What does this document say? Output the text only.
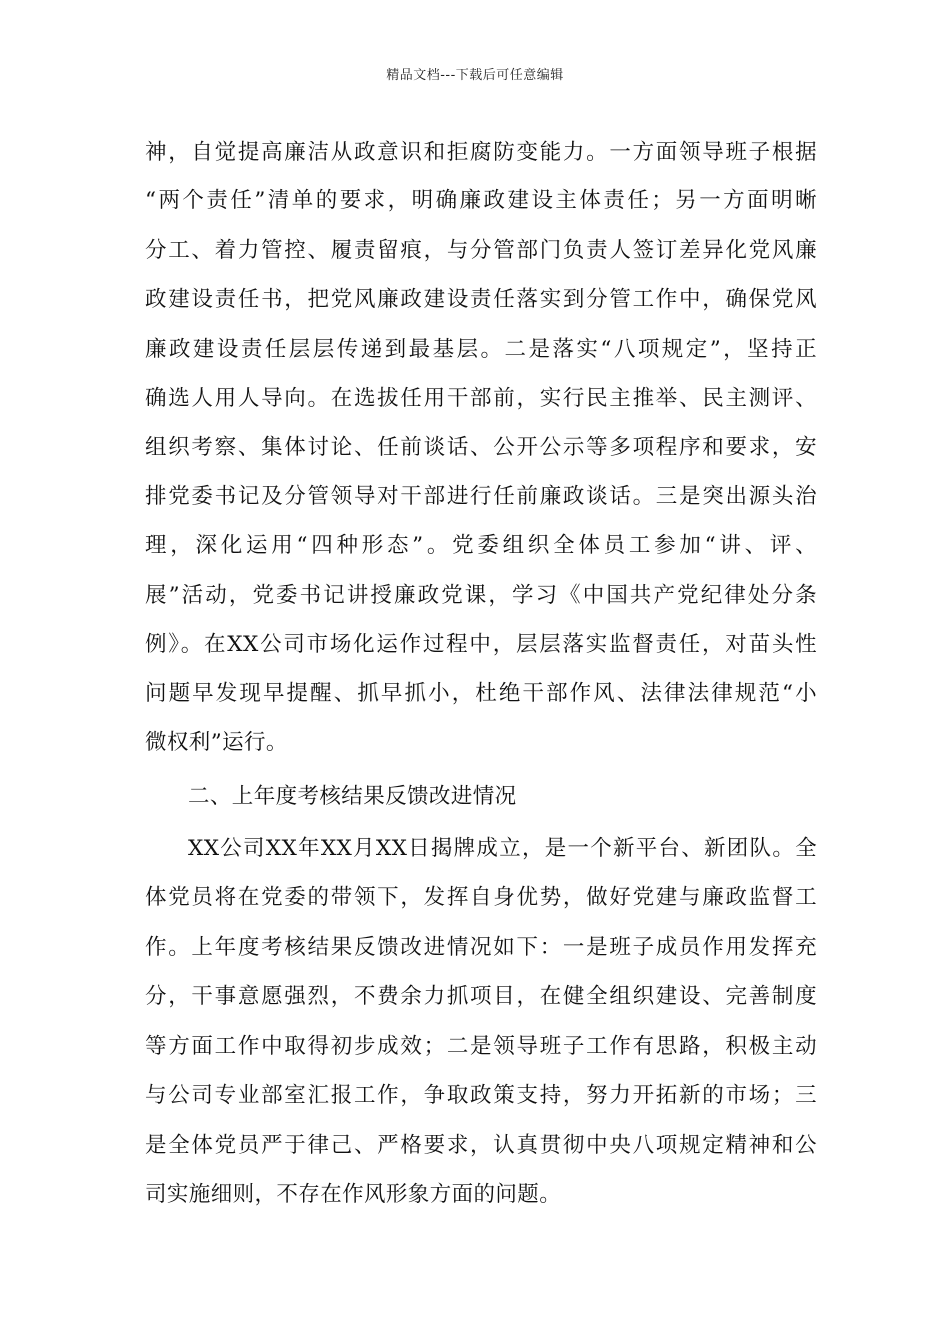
精品文档---下载后可任意编辑
神，自觉提高廉洁从政意识和拒腐防变能力。一方面领导班子根据
“两个责任”清单的要求，明确廉政建设主体责任；另一方面明晰
分工、着力管控、履责留痕，与分管部门负责人签订差异化党风廉
政建设责任书，把党风廉政建设责任落实到分管工作中，确保党风
廉政建设责任层层传递到最基层。二是落实“八项规定”，坚持正
确选人用人导向。在选拔任用干部前，实行民主推举、民主测评、
组织考察、集体讨论、任前谈话、公开公示等多项程序和要求，安
排党委书记及分管领导对干部进行任前廉政谈话。三是突出源头治
理，深化运用“四种形态”。党委组织全体员工参加“讲、评、
展”活动，党委书记讲授廉政党课，学习《中国共产党纪律处分条
例》。在XX公司市场化运作过程中，层层落实监督责任，对苗头性
问题早发现早提醒、抓早抓小，杜绝干部作风、法律法律规范“小
微权利”运行。
二、上年度考核结果反馈改进情况
XX公司XX年XX月XX日揭牌成立，是一个新平台、新团队。全
体党员将在党委的带领下，发挥自身优势，做好党建与廉政监督工
作。上年度考核结果反馈改进情况如下：一是班子成员作用发挥充
分，干事意愿强烈，不费余力抓项目，在健全组织建设、完善制度
等方面工作中取得初步成效；二是领导班子工作有思路，积极主动
与公司专业部室汇报工作，争取政策支持，努力开拓新的市场；三
是全体党员严于律己、严格要求，认真贯彻中央八项规定精神和公
司实施细则，不存在作风形象方面的问题。
